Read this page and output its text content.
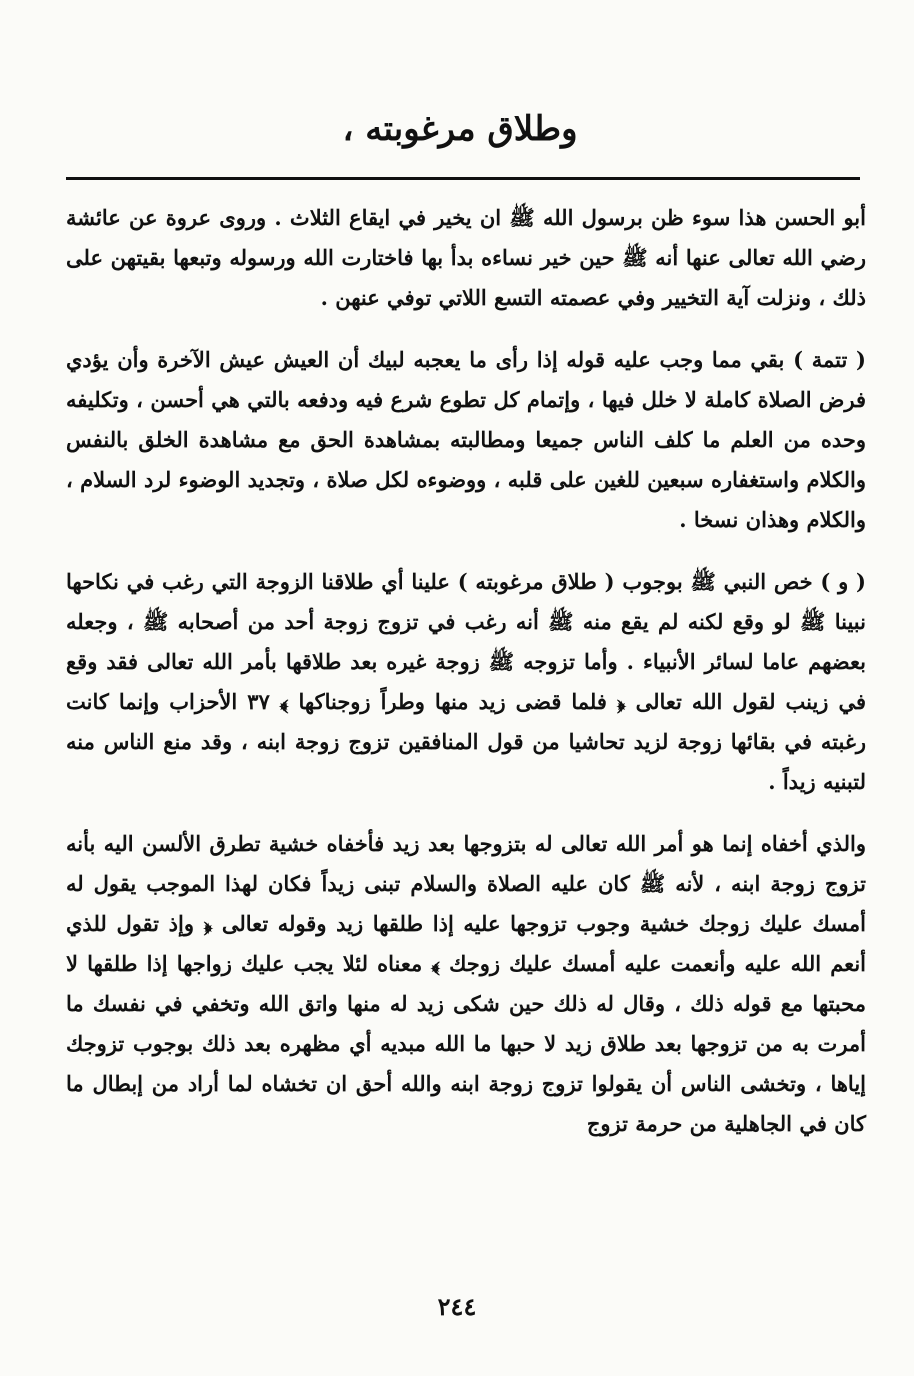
وطلاق مرغوبته ،

أبو الحسن هذا سوء ظن برسول الله ﷺ ان يخير في ايقاع الثلاث . وروى عروة عن عائشة رضي الله تعالى عنها أنه ﷺ حين خير نساءه بدأ بها فاختارت الله ورسوله وتبعها بقيتهن على ذلك ، ونزلت آية التخيير وفي عصمته التسع اللاتي توفي عنهن .

( تتمة ) بقي مما وجب عليه قوله إذا رأى ما يعجبه لبيك أن العيش عيش الآخرة وأن يؤدي فرض الصلاة كاملة لا خلل فيها ، وإتمام كل تطوع شرع فيه ودفعه بالتي هي أحسن ، وتكليفه وحده من العلم ما كلف الناس جميعا ومطالبته بمشاهدة الحق مع مشاهدة الخلق بالنفس والكلام واستغفاره سبعين للغين على قلبه ، ووضوءه لكل صلاة ، وتجديد الوضوء لرد السلام ، والكلام وهذان نسخا .

( و ) خص النبي ﷺ بوجوب ( طلاق مرغوبته ) علينا أي طلاقنا الزوجة التي رغب في نكاحها نبينا ﷺ لو وقع لكنه لم يقع منه ﷺ أنه رغب في تزوج زوجة أحد من أصحابه ﷺ ، وجعله بعضهم عاما لسائر الأنبياء . وأما تزوجه ﷺ زوجة غيره بعد طلاقها بأمر الله تعالى فقد وقع في زينب لقول الله تعالى ﴿ فلما قضى زيد منها وطراً زوجناكها ﴾ ٣٧ الأحزاب وإنما كانت رغبته في بقائها زوجة لزيد تحاشيا من قول المنافقين تزوج زوجة ابنه ، وقد منع الناس منه لتبنيه زيداً .

والذي أخفاه إنما هو أمر الله تعالى له بتزوجها بعد زيد فأخفاه خشية تطرق الألسن اليه بأنه تزوج زوجة ابنه ، لأنه ﷺ كان عليه الصلاة والسلام تبنى زيداً فكان لهذا الموجب يقول له أمسك عليك زوجك خشية وجوب تزوجها عليه إذا طلقها زيد وقوله تعالى ﴿ وإذ تقول للذي أنعم الله عليه وأنعمت عليه أمسك عليك زوجك ﴾ معناه لئلا يجب عليك زواجها إذا طلقها لا محبتها مع قوله ذلك ، وقال له ذلك حين شكى زيد له منها واتق الله وتخفي في نفسك ما أمرت به من تزوجها بعد طلاق زيد لا حبها ما الله مبديه أي مظهره بعد ذلك بوجوب تزوجك إياها ، وتخشى الناس أن يقولوا تزوج زوجة ابنه والله أحق ان تخشاه لما أراد من إبطال ما كان في الجاهلية من حرمة تزوج

٢٤٤
